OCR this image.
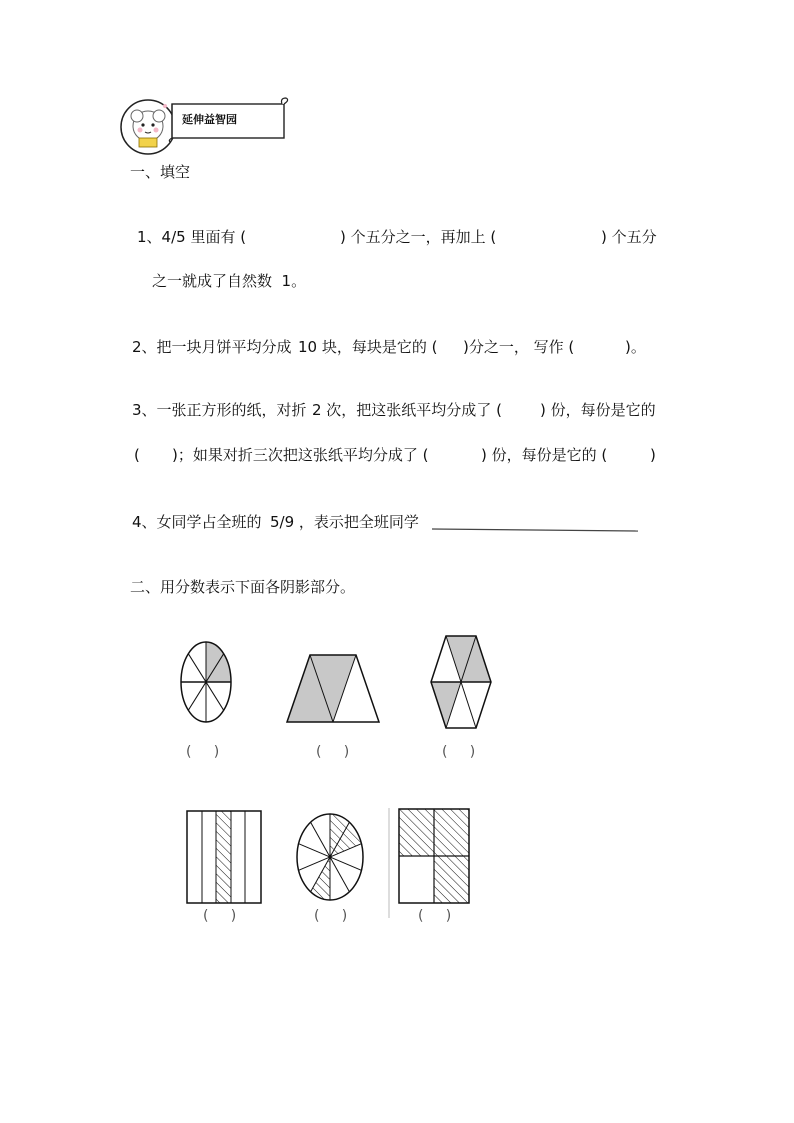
延伸益智园
一、填空
1、4/5 里面有 (	) 个五分之一，再加上 (	) 个五分
之一就成了自然数  1。
2、把一块月饼平均分成 10 块，每块是它的 ( )分之一， 写作 (	)。
3、一张正方形的纸，对折 2 次，把这张纸平均分成了 (	) 份，每份是它的
( )；如果对折三次把这张纸平均分成了 (	) 份，每份是它的 (	)
4、女同学占全班的 5/9 ，表示把全班同学
二、用分数表示下面各阴影部分。
(     )	(     )	(     )
(     )	(     )	(     )
